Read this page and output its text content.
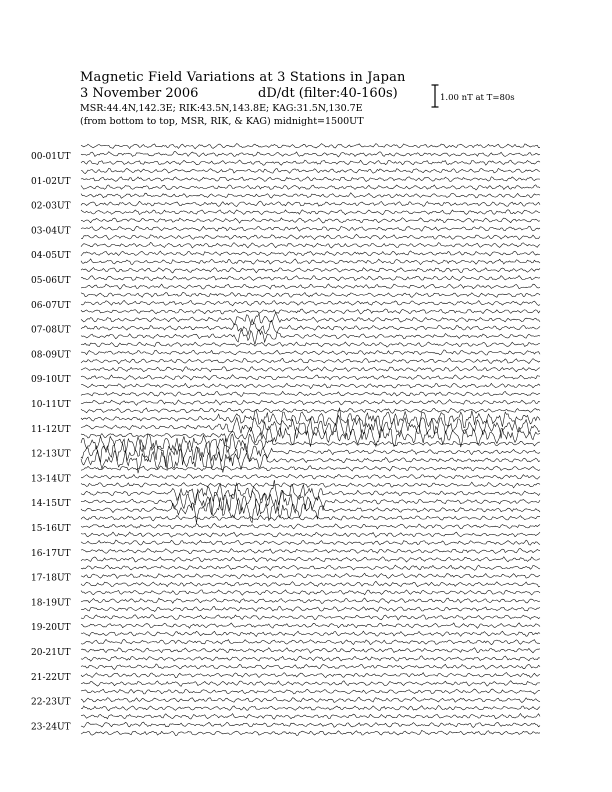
Magnetic Field Variations at 3 Stations in Japan
3 November 2006	dD/dt (filter:40-160s)
MSR:44.4N,142.3E; RIK:43.5N,143.8E; KAG:31.5N,130.7E
(from bottom to top, MSR, RIK, & KAG) midnight=1500UT
1.00 nT at T=80s
00-01UT
01-02UT
02-03UT
03-04UT
04-05UT
05-06UT
06-07UT
07-08UT
08-09UT
09-10UT
10-11UT
11-12UT
12-13UT
13-14UT
14-15UT
15-16UT
16-17UT
17-18UT
18-19UT
19-20UT
20-21UT
21-22UT
22-23UT
23-24UT
